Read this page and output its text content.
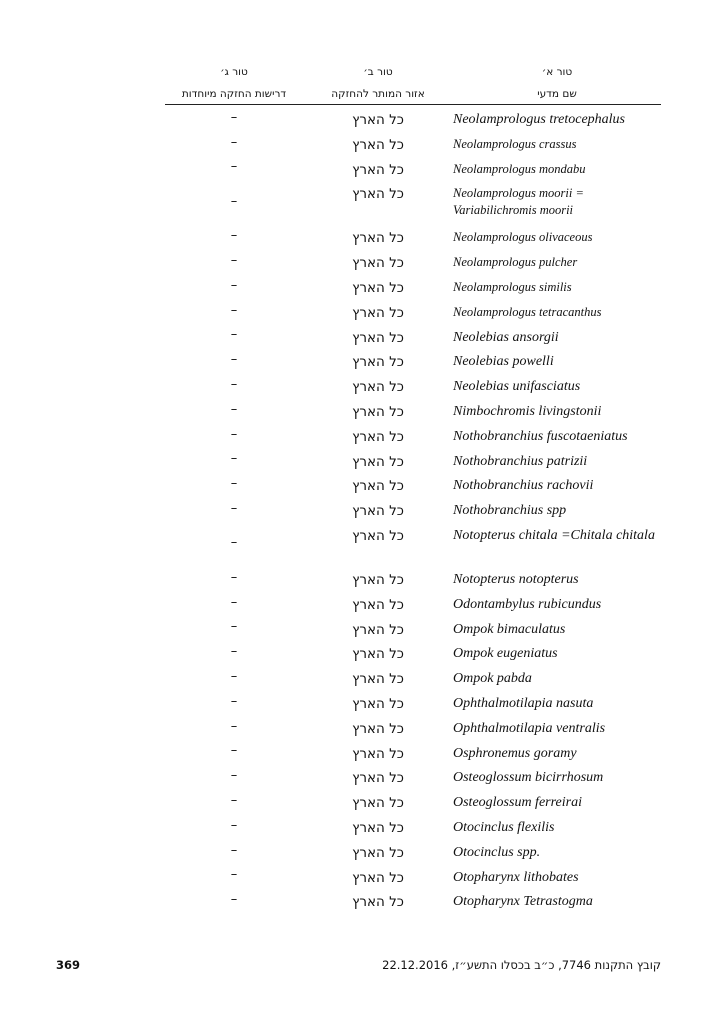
טור א׳
שם מדעי
טור ב׳
אזור המותר להחזקה
טור ג׳
דרישות החזקה מיוחדות
Neolamprologus tretocephalus
כל הארץ
–
Neolamprologus crassus
כל הארץ
–
Neolamprologus mondabu
כל הארץ
–
Neolamprologus moorii = Variabilichromis moorii
כל הארץ
–
Neolamprologus olivaceous
כל הארץ
–
Neolamprologus pulcher
כל הארץ
–
Neolamprologus similis
כל הארץ
–
Neolamprologus tetracanthus
כל הארץ
–
Neolebias ansorgii
כל הארץ
–
Neolebias powelli
כל הארץ
–
Neolebias unifasciatus
כל הארץ
–
Nimbochromis livingstonii
כל הארץ
–
Nothobranchius fuscotaeniatus
כל הארץ
–
Nothobranchius patrizii
כל הארץ
–
Nothobranchius rachovii
כל הארץ
–
Nothobranchius spp
כל הארץ
–
Notopterus chitala =Chitala chitala
כל הארץ
–
Notopterus notopterus
כל הארץ
–
Odontambylus rubicundus
כל הארץ
–
Ompok bimaculatus
כל הארץ
–
Ompok eugeniatus
כל הארץ
–
Ompok pabda
כל הארץ
–
Ophthalmotilapia nasuta
כל הארץ
–
Ophthalmotilapia ventralis
כל הארץ
–
Osphronemus goramy
כל הארץ
–
Osteoglossum bicirrhosum
כל הארץ
–
Osteoglossum ferreirai
כל הארץ
–
Otocinclus flexilis
כל הארץ
–
Otocinclus spp.
כל הארץ
–
Otopharynx lithobates
כל הארץ
–
Otopharynx Tetrastogma
כל הארץ
–
369	קובץ התקנות 7746, כ״ב בכסלו התשע״ז, 22.12.2016
